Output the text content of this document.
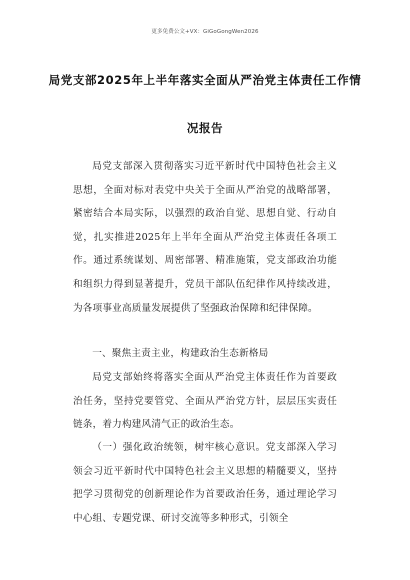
更多免费公文+VX：GiGoGongWen2026
局党支部2025年上半年落实全面从严治党主体责任工作情
况报告

局党支部深入贯彻落实习近平新时代中国特色社会主义思想，全面对标对表党中央关于全面从严治党的战略部署，紧密结合本局实际，以强烈的政治自觉、思想自觉、行动自觉，扎实推进2025年上半年全面从严治党主体责任各项工作。通过系统谋划、周密部署、精准施策，党支部政治功能和组织力得到显著提升，党员干部队伍纪律作风持续改进，为各项事业高质量发展提供了坚强政治保障和纪律保障。

一、聚焦主责主业，构建政治生态新格局

局党支部始终将落实全面从严治党主体责任作为首要政治任务，坚持党要管党、全面从严治党方针，层层压实责任链条，着力构建风清气正的政治生态。

（一）强化政治统领，树牢核心意识。党支部深入学习领会习近平新时代中国特色社会主义思想的精髓要义，坚持把学习贯彻党的创新理论作为首要政治任务，通过理论学习中心组、专题党课、研讨交流等多种形式，引领全
